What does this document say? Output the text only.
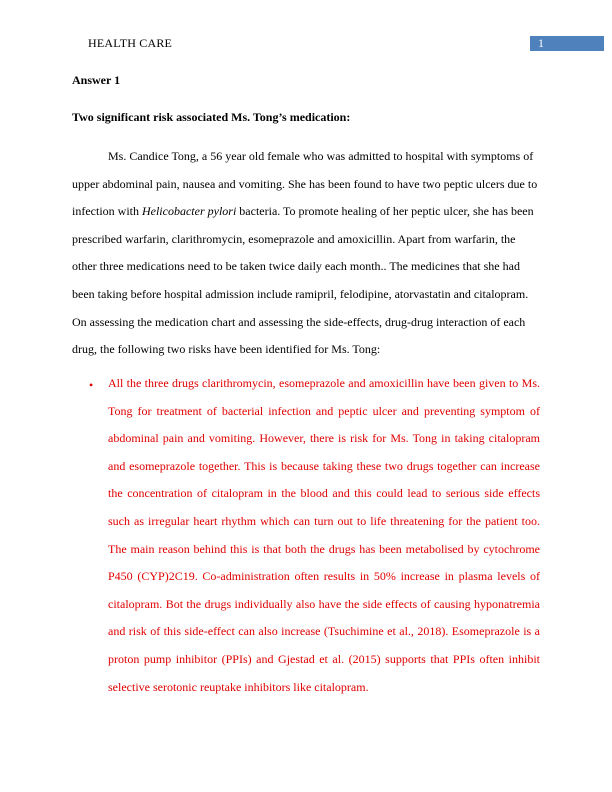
HEALTH CARE	1
Answer 1
Two significant risk associated Ms. Tong’s medication:

Ms. Candice Tong, a 56 year old female who was admitted to hospital with symptoms of
upper abdominal pain, nausea and vomiting. She has been found to have two peptic ulcers due to
infection with Helicobacter pylori bacteria. To promote healing of her peptic ulcer, she has been
prescribed warfarin, clarithromycin, esomeprazole and amoxicillin. Apart from warfarin, the
other three medications need to be taken twice daily each month.. The medicines that she had
been taking before hospital admission include ramipril, felodipine, atorvastatin and citalopram.
On assessing the medication chart and assessing the side-effects, drug-drug interaction of each
drug, the following two risks have been identified for Ms. Tong:

• All the three drugs clarithromycin, esomeprazole and amoxicillin have been given to Ms.
Tong for treatment of bacterial infection and peptic ulcer and preventing symptom of
abdominal pain and vomiting. However, there is risk for Ms. Tong in taking citalopram
and esomeprazole together. This is because taking these two drugs together can increase
the concentration of citalopram in the blood and this could lead to serious side effects
such as irregular heart rhythm which can turn out to life threatening for the patient too.
The main reason behind this is that both the drugs has been metabolised by cytochrome
P450 (CYP)2C19. Co-administration often results in 50% increase in plasma levels of
citalopram. Bot the drugs individually also have the side effects of causing hyponatremia
and risk of this side-effect can also increase (Tsuchimine et al., 2018). Esomeprazole is a
proton pump inhibitor (PPIs) and Gjestad et al. (2015) supports that PPIs often inhibit
selective serotonic reuptake inhibitors like citalopram.
